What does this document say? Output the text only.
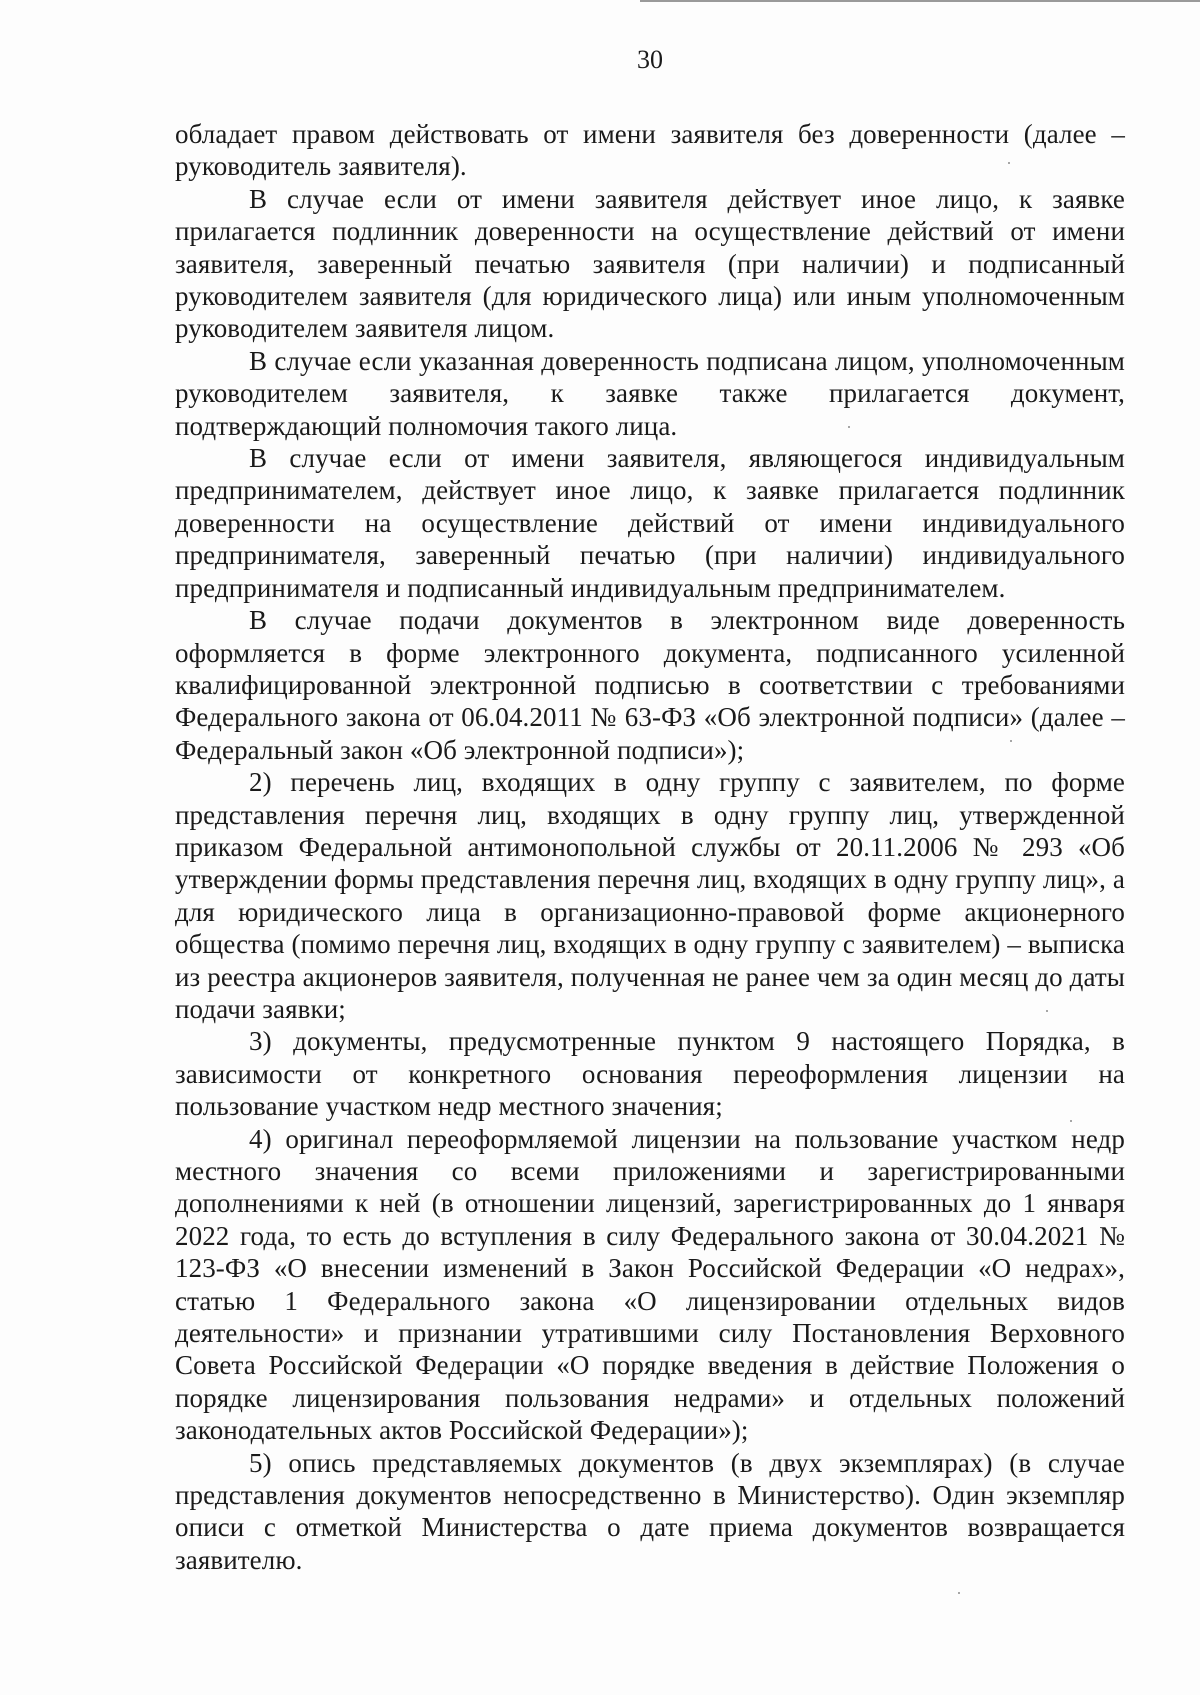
30

обладает правом действовать от имени заявителя без доверенности (далее – руководитель заявителя).

В случае если от имени заявителя действует иное лицо, к заявке прилагается подлинник доверенности на осуществление действий от имени заявителя, заверенный печатью заявителя (при наличии) и подписанный руководителем заявителя (для юридического лица) или иным уполномоченным руководителем заявителя лицом.

В случае если указанная доверенность подписана лицом, уполномоченным руководителем заявителя, к заявке также прилагается документ, подтверждающий полномочия такого лица.

В случае если от имени заявителя, являющегося индивидуальным предпринимателем, действует иное лицо, к заявке прилагается подлинник доверенности на осуществление действий от имени индивидуального предпринимателя, заверенный печатью (при наличии) индивидуального предпринимателя и подписанный индивидуальным предпринимателем.

В случае подачи документов в электронном виде доверенность оформляется в форме электронного документа, подписанного усиленной квалифицированной электронной подписью в соответствии с требованиями Федерального закона от 06.04.2011 № 63-ФЗ «Об электронной подписи» (далее – Федеральный закон «Об электронной подписи»);

2) перечень лиц, входящих в одну группу с заявителем, по форме представления перечня лиц, входящих в одну группу лиц, утвержденной приказом Федеральной антимонопольной службы от 20.11.2006 № 293 «Об утверждении формы представления перечня лиц, входящих в одну группу лиц», а для юридического лица в организационно-правовой форме акционерного общества (помимо перечня лиц, входящих в одну группу с заявителем) – выписка из реестра акционеров заявителя, полученная не ранее чем за один месяц до даты подачи заявки;

3) документы, предусмотренные пунктом 9 настоящего Порядка, в зависимости от конкретного основания переоформления лицензии на пользование участком недр местного значения;

4) оригинал переоформляемой лицензии на пользование участком недр местного значения со всеми приложениями и зарегистрированными дополнениями к ней (в отношении лицензий, зарегистрированных до 1 января 2022 года, то есть до вступления в силу Федерального закона от 30.04.2021 № 123-ФЗ «О внесении изменений в Закон Российской Федерации «О недрах», статью 1 Федерального закона «О лицензировании отдельных видов деятельности» и признании утратившими силу Постановления Верховного Совета Российской Федерации «О порядке введения в действие Положения о порядке лицензирования пользования недрами» и отдельных положений законодательных актов Российской Федерации»);

5) опись представляемых документов (в двух экземплярах) (в случае представления документов непосредственно в Министерство). Один экземпляр описи с отметкой Министерства о дате приема документов возвращается заявителю.
